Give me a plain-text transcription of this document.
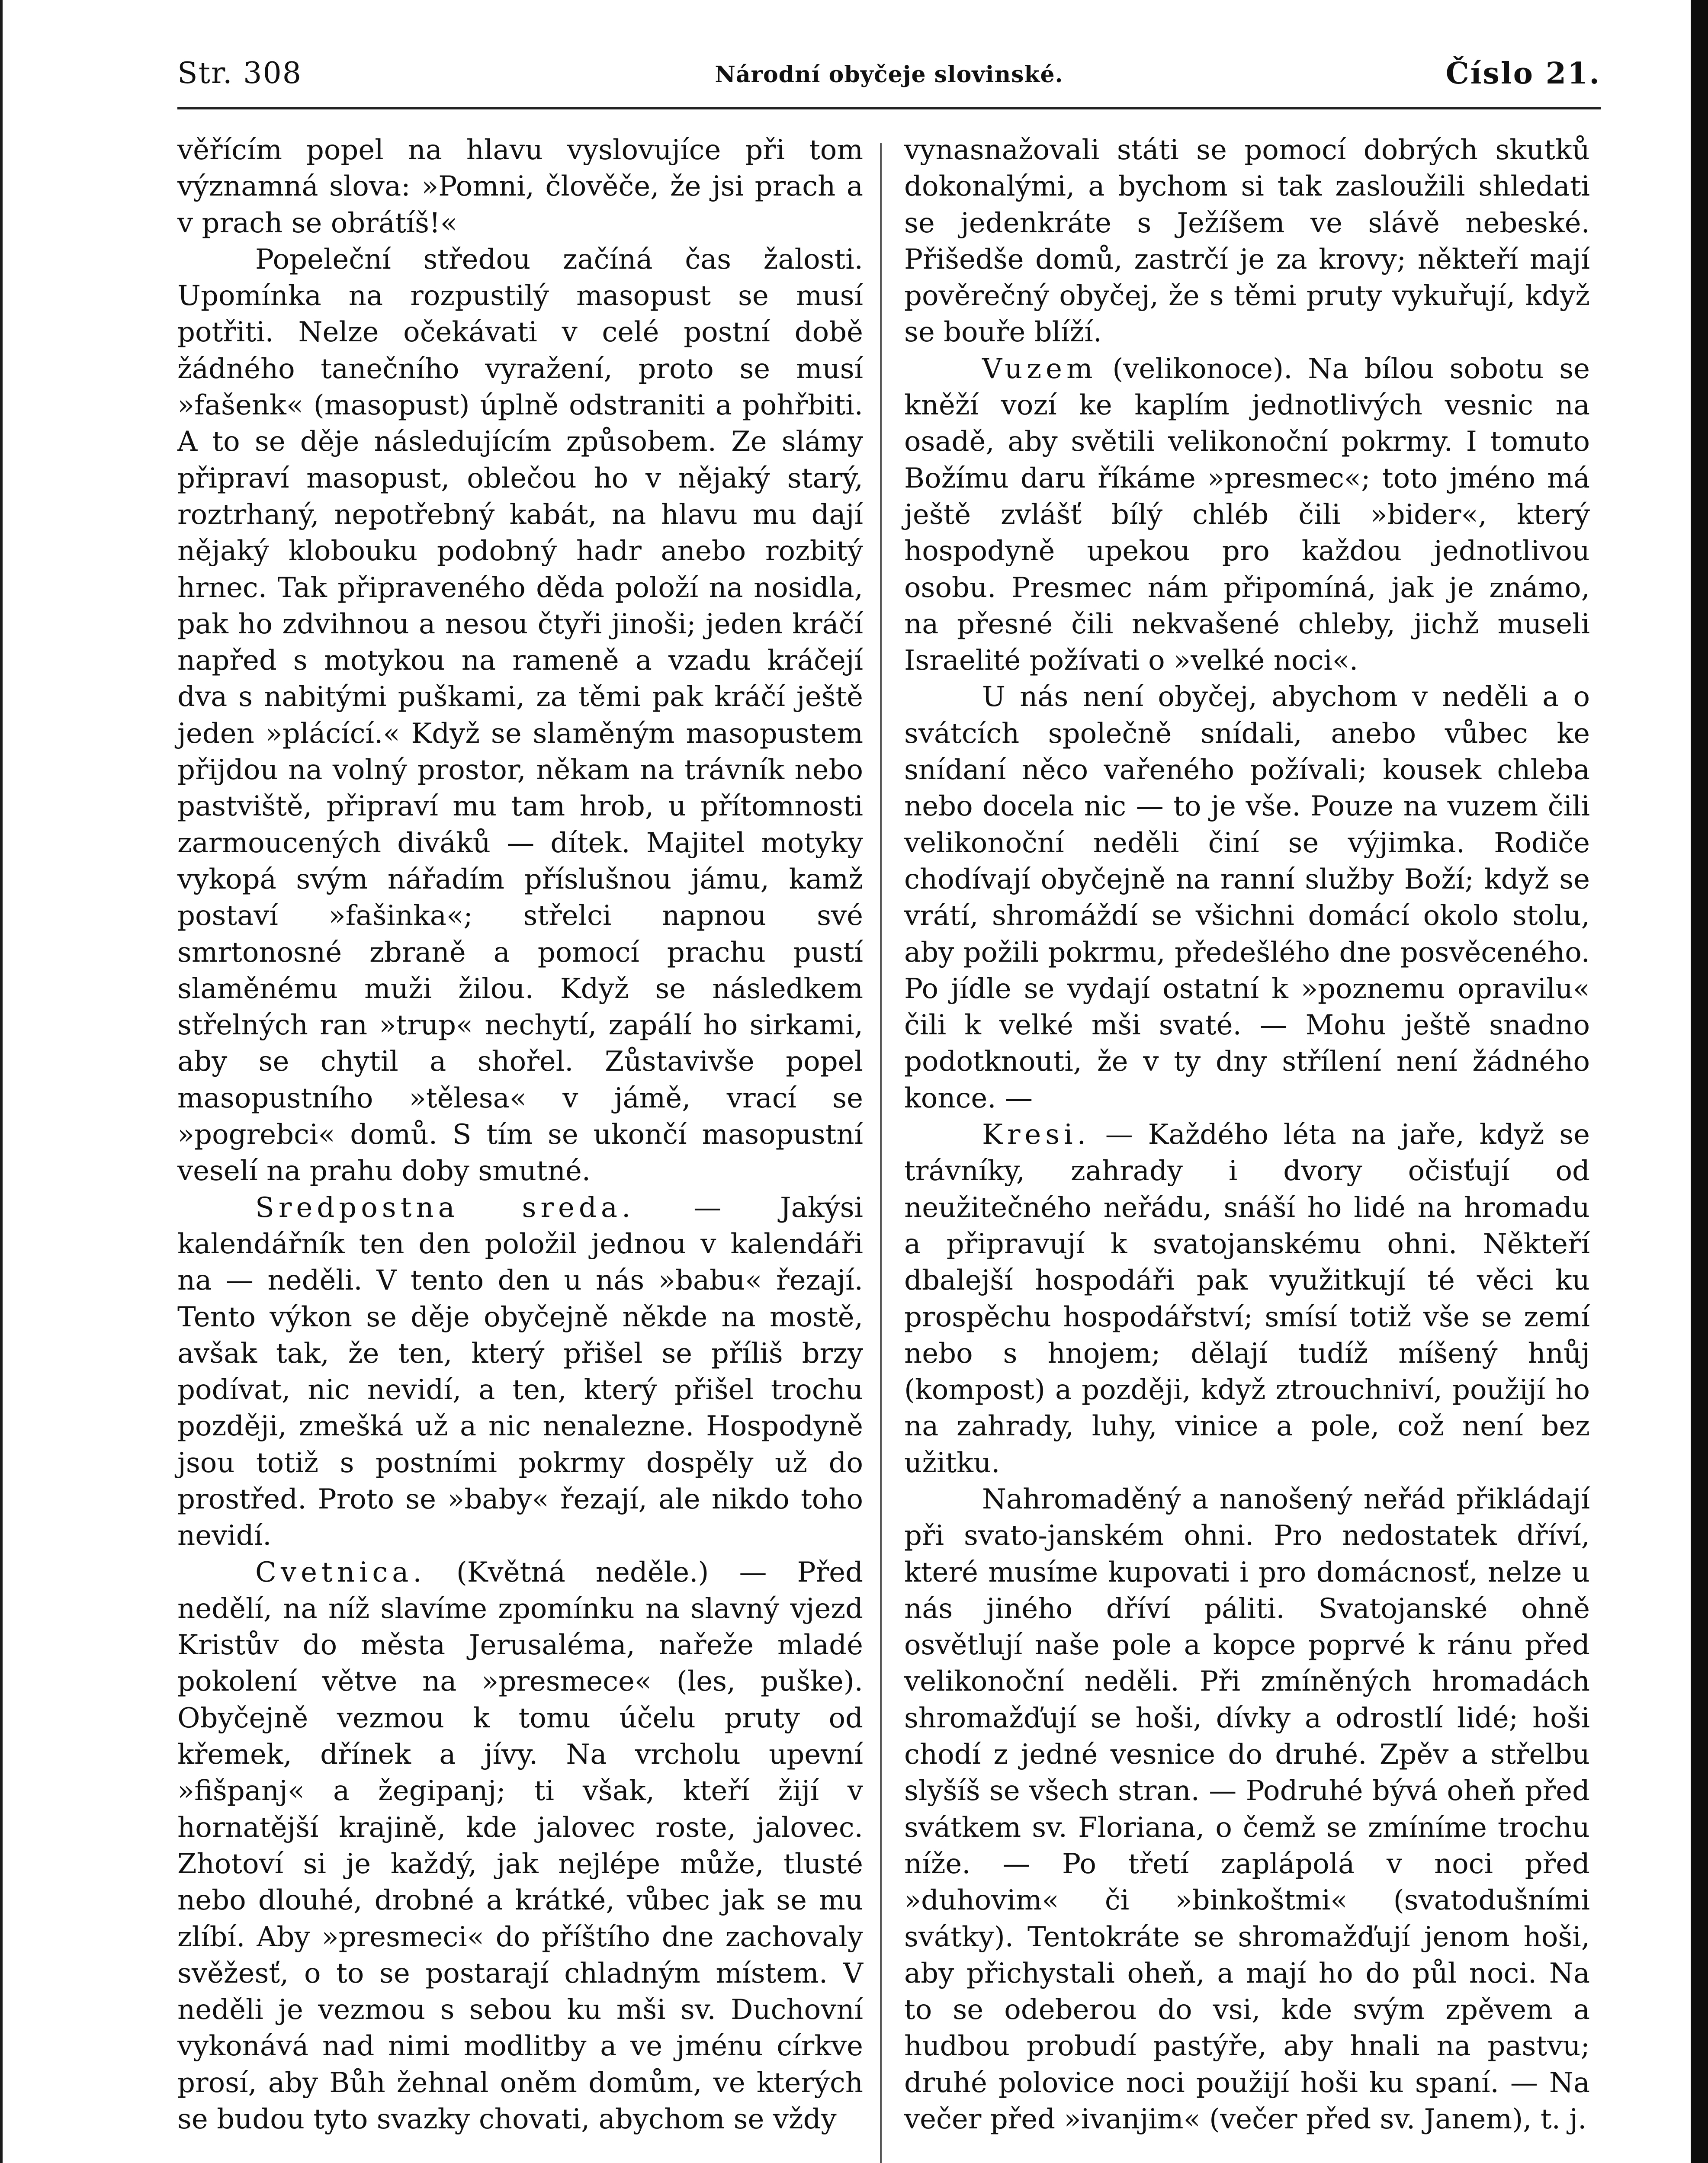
Str. 308	Národní obyčeje slovinské.	Číslo 21.

věřícím popel na hlavu vyslovujíce při tom významná slova: »Pomni, člověče, že jsi prach a v prach se obrátíš!«

Popeleční středou začíná čas žalosti. Upomínka na rozpustilý masopust se musí potřiti. Nelze očekávati v celé postní době žádného tanečního vyražení, proto se musí »fašenk« (masopust) úplně odstraniti a pohřbiti. A to se děje následujícím způsobem. Ze slámy připraví masopust, oblečou ho v nějaký starý, roztrhaný, nepotřebný kabát, na hlavu mu dají nějaký klobouku podobný hadr anebo rozbitý hrnec. Tak připraveného děda položí na nosidla, pak ho zdvihnou a nesou čtyři jinoši; jeden kráčí napřed s motykou na rameně a vzadu kráčejí dva s nabitými puškami, za těmi pak kráčí ještě jeden »plácící.« Když se slaměným masopustem přijdou na volný prostor, někam na trávník nebo pastviště, připraví mu tam hrob, u přítomnosti zarmoucených diváků — dítek. Majitel motyky vykopá svým nářadím příslušnou jámu, kamž postaví »fašinka«; střelci napnou své smrtonosné zbraně a pomocí prachu pustí slaměnému muži žilou. Když se následkem střelných ran »trup« nechytí, zapálí ho sirkami, aby se chytil a shořel. Zůstavivše popel masopustního »tělesa« v jámě, vrací se »pogrebci« domů. S tím se ukončí masopustní veselí na prahu doby smutné.

Sredpostna sreda. — Jakýsi kalendářník ten den položil jednou v kalendáři na — neděli. V tento den u nás »babu« řezají. Tento výkon se děje obyčejně někde na mostě, avšak tak, že ten, který přišel se příliš brzy podívat, nic nevidí, a ten, který přišel trochu později, zmešká už a nic nenalezne. Hospodyně jsou totiž s postními pokrmy dospěly už do prostřed. Proto se »baby« řezají, ale nikdo toho nevidí.

Cvetnica. (Květná neděle.) — Před nedělí, na níž slavíme zpomínku na slavný vjezd Kristův do města Jerusaléma, nařeže mladé pokolení větve na »presmece« (les, puške). Obyčejně vezmou k tomu účelu pruty od křemek, dřínek a jívy. Na vrcholu upevní »fišpanj« a žegipanj; ti však, kteří žijí v hornatější krajině, kde jalovec roste, jalovec. Zhotoví si je každý, jak nejlépe může, tlusté nebo dlouhé, drobné a krátké, vůbec jak se mu zlíbí. Aby »presmeci« do příštího dne zachovaly svěžesť, o to se postarají chladným místem. V neděli je vezmou s sebou ku mši sv. Duchovní vykonává nad nimi modlitby a ve jménu církve prosí, aby Bůh žehnal oněm domům, ve kterých se budou tyto svazky chovati, abychom se vždy

vynasnažovali státi se pomocí dobrých skutků dokonalými, a bychom si tak zasloužili shledati se jedenkráte s Ježíšem ve slávě nebeské. Přišedše domů, zastrčí je za krovy; někteří mají pověrečný obyčej, že s těmi pruty vykuřují, když se bouře blíží.

Vuzem (velikonoce). Na bílou sobotu se kněží vozí ke kaplím jednotlivých vesnic na osadě, aby světili velikonoční pokrmy. I tomuto Božímu daru říkáme »presmec«; toto jméno má ještě zvlášť bílý chléb čili »bider«, který hospodyně upekou pro každou jednotlivou osobu. Presmec nám připomíná, jak je známo, na přesné čili nekvašené chleby, jichž museli Israelité požívati o »velké noci«.

U nás není obyčej, abychom v neděli a o svátcích společně snídali, anebo vůbec ke snídaní něco vařeného požívali; kousek chleba nebo docela nic — to je vše. Pouze na vuzem čili velikonoční neděli činí se výjimka. Rodiče chodívají obyčejně na ranní služby Boží; když se vrátí, shromáždí se všichni domácí okolo stolu, aby požili pokrmu, předešlého dne posvěceného. Po jídle se vydají ostatní k »poznemu opravilu« čili k velké mši svaté. — Mohu ještě snadno podotknouti, že v ty dny střílení není žádného konce. —

Kresi. — Každého léta na jaře, když se trávníky, zahrady i dvory očisťují od neužitečného neřádu, snáší ho lidé na hromadu a připravují k svatojanskému ohni. Někteří dbalejší hospodáři pak využitkují té věci ku prospěchu hospodářství; smísí totiž vše se zemí nebo s hnojem; dělají tudíž míšený hnůj (kompost) a později, když ztrouchniví, použijí ho na zahrady, luhy, vinice a pole, což není bez užitku.

Nahromaděný a nanošený neřád přikládají při svato-janském ohni. Pro nedostatek dříví, které musíme kupovati i pro domácnosť, nelze u nás jiného dříví páliti. Svatojanské ohně osvětlují naše pole a kopce poprvé k ránu před velikonoční neděli. Při zmíněných hromadách shromažďují se hoši, dívky a odrostlí lidé; hoši chodí z jedné vesnice do druhé. Zpěv a střelbu slyšíš se všech stran. — Podruhé bývá oheň před svátkem sv. Floriana, o čemž se zmíníme trochu níže. — Po třetí zaplápolá v noci před »duhovim« či »binkoštmi« (svatodušními svátky). Tentokráte se shromažďují jenom hoši, aby přichystali oheň, a mají ho do půl noci. Na to se odeberou do vsi, kde svým zpěvem a hudbou probudí pastýře, aby hnali na pastvu; druhé polovice noci použijí hoši ku spaní. — Na večer před »ivanjim« (večer před sv. Janem), t. j.
